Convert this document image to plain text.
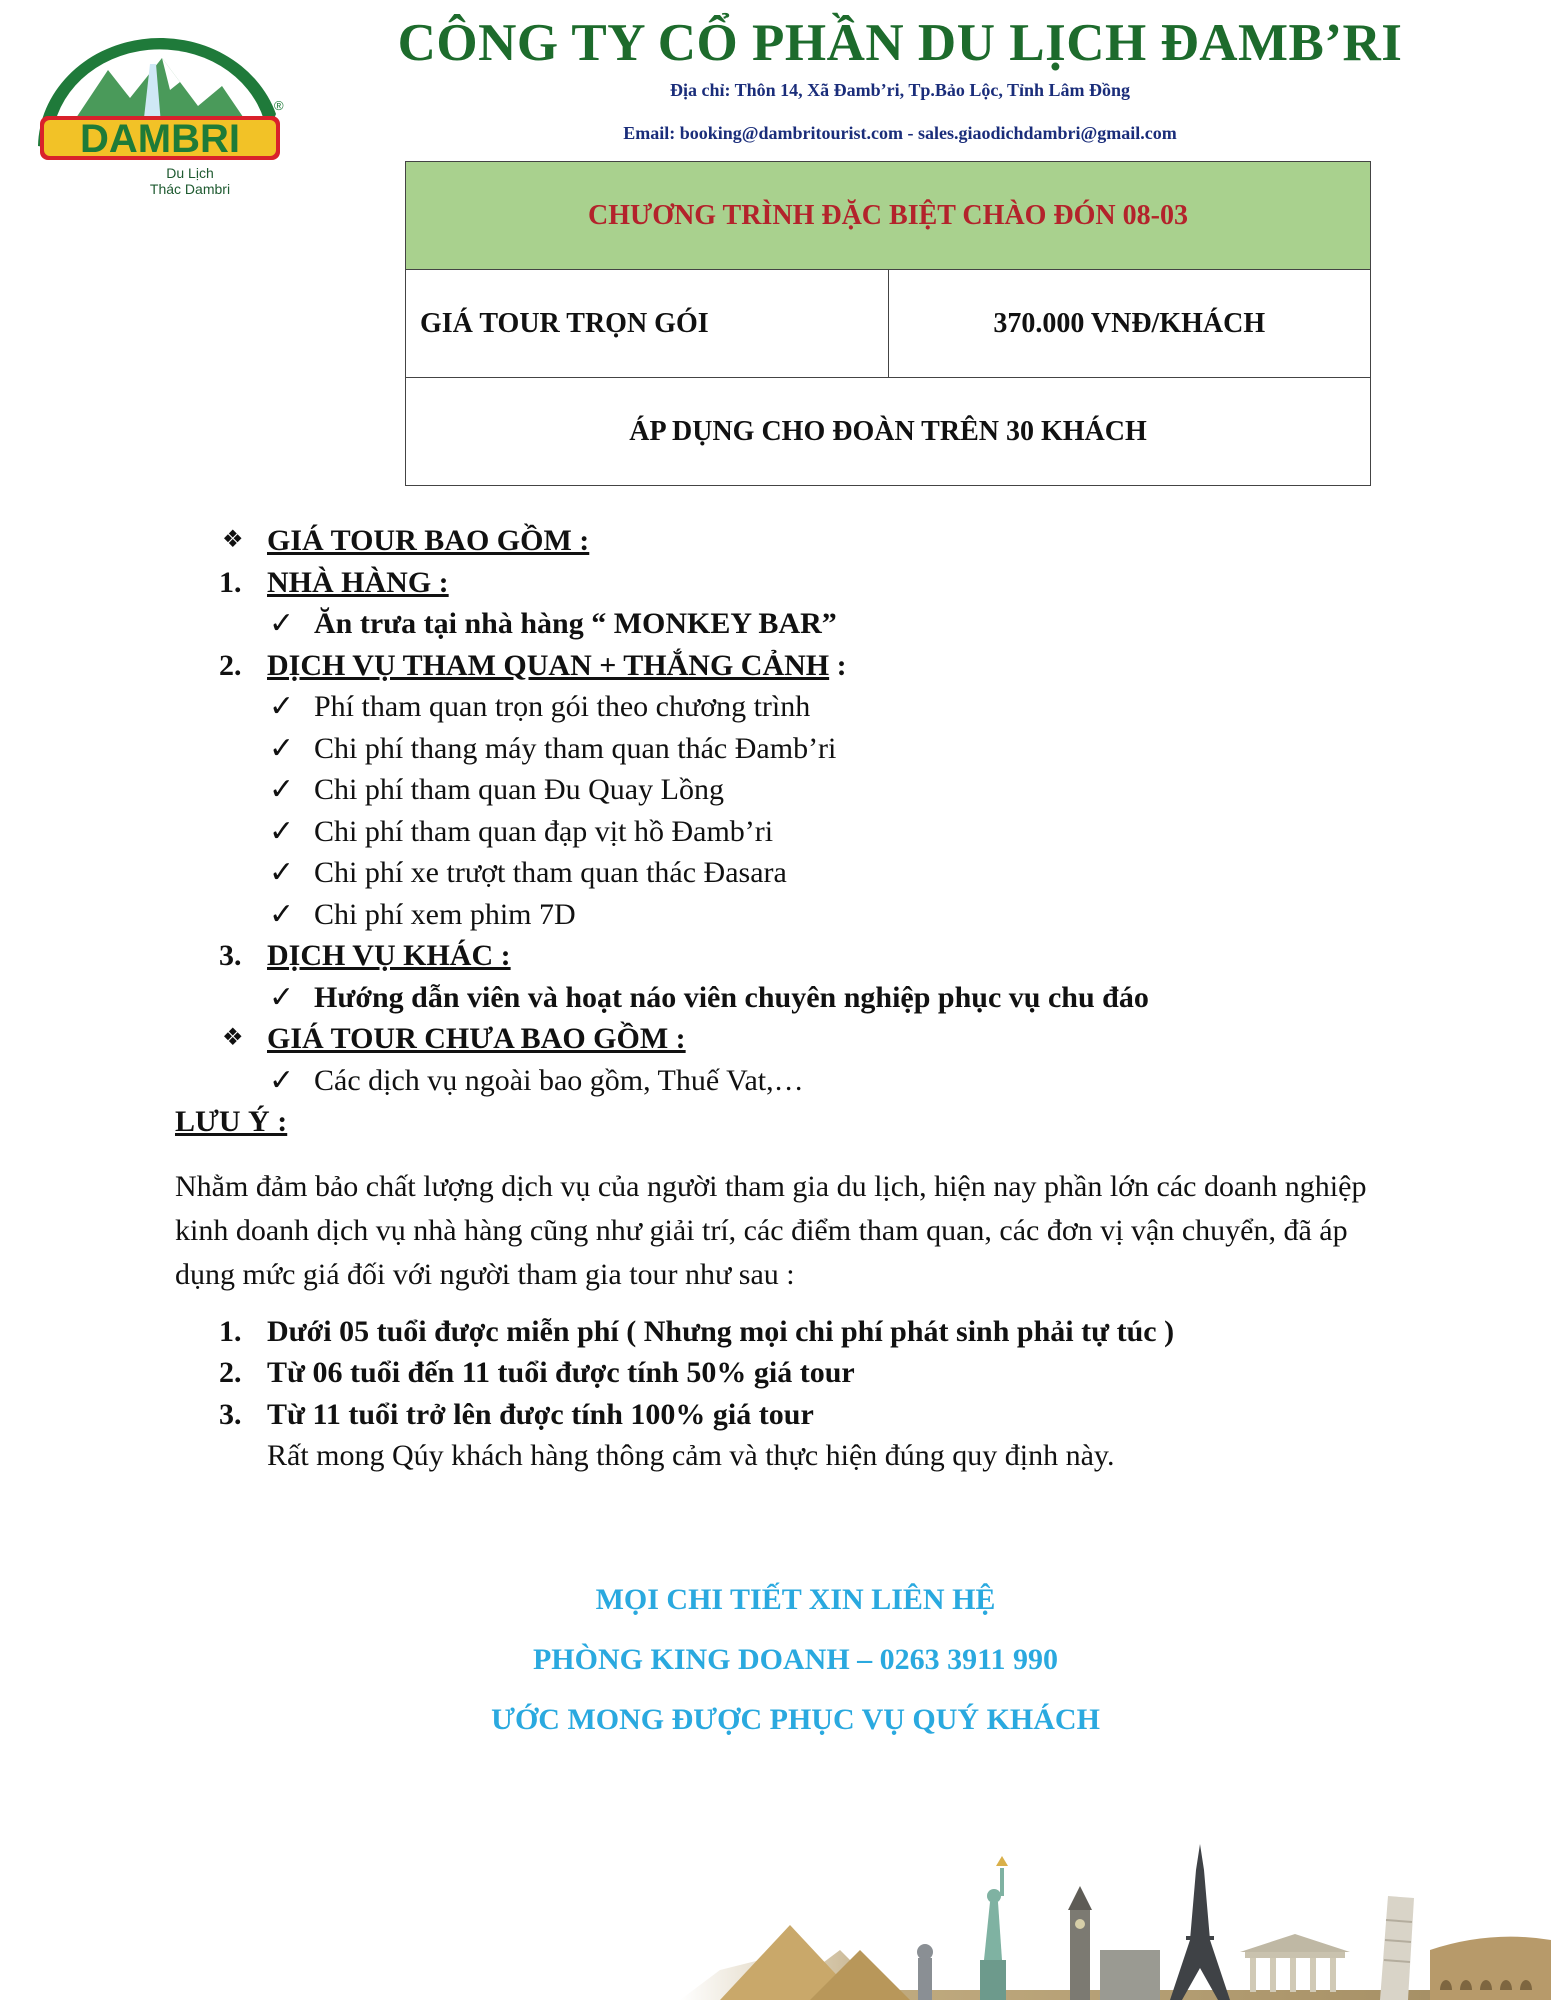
DAMBRI
®
Du Lịch
Thác Dambri
CÔNG TY CỔ PHẦN DU LỊCH ĐAMB’RI
Địa chỉ: Thôn 14, Xã Đamb’ri, Tp.Bảo Lộc, Tỉnh Lâm Đồng
Email: booking@dambritourist.com - sales.giaodichdambri@gmail.com
CHƯƠNG TRÌNH ĐẶC BIỆT CHÀO ĐÓN 08-03
GIÁ TOUR TRỌN GÓI	370.000 VNĐ/KHÁCH
ÁP DỤNG CHO ĐOÀN TRÊN 30 KHÁCH
❖ GIÁ TOUR BAO GỒM :
1. NHÀ HÀNG :
✓ Ăn trưa tại nhà hàng “ MONKEY BAR”
2. DỊCH VỤ THAM QUAN + THẮNG CẢNH :
✓ Phí tham quan trọn gói theo chương trình
✓ Chi phí thang máy tham quan thác Đamb’ri
✓ Chi phí tham quan Đu Quay Lồng
✓ Chi phí tham quan đạp vịt hồ Đamb’ri
✓ Chi phí xe trượt tham quan thác Đasara
✓ Chi phí xem phim 7D
3. DỊCH VỤ KHÁC :
✓ Hướng dẫn viên và hoạt náo viên chuyên nghiệp phục vụ chu đáo
❖ GIÁ TOUR CHƯA BAO GỒM :
✓ Các dịch vụ ngoài bao gồm, Thuế Vat,…
LƯU Ý :
Nhằm đảm bảo chất lượng dịch vụ của người tham gia du lịch, hiện nay phần lớn các doanh nghiệp kinh doanh dịch vụ nhà hàng cũng như giải trí, các điểm tham quan, các đơn vị vận chuyển, đã áp dụng mức giá đối với người tham gia tour như sau :
1. Dưới 05 tuổi được miễn phí ( Nhưng mọi chi phí phát sinh phải tự túc )
2. Từ 06 tuổi đến 11 tuổi được tính 50% giá tour
3. Từ 11 tuổi trở lên được tính 100% giá tour
Rất mong Qúy khách hàng thông cảm và thực hiện đúng quy định này.
MỌI CHI TIẾT XIN LIÊN HỆ
PHÒNG KING DOANH – 0263 3911 990
ƯỚC MONG ĐƯỢC PHỤC VỤ QUÝ KHÁCH
